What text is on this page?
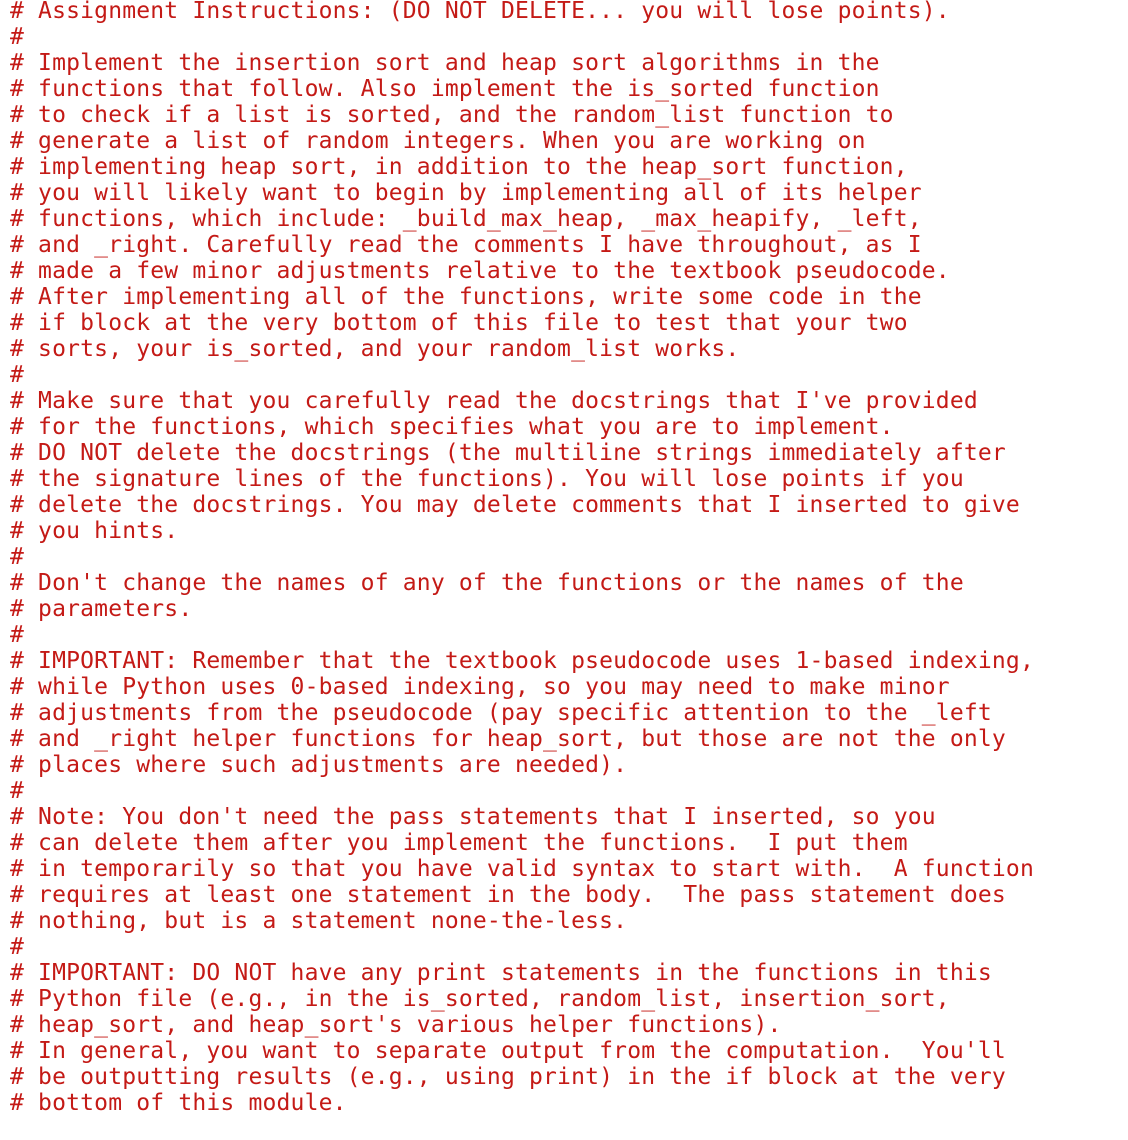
# Assignment Instructions: (DO NOT DELETE... you will lose points).
#
# Implement the insertion sort and heap sort algorithms in the
# functions that follow. Also implement the is_sorted function
# to check if a list is sorted, and the random_list function to
# generate a list of random integers. When you are working on
# implementing heap sort, in addition to the heap_sort function,
# you will likely want to begin by implementing all of its helper
# functions, which include: _build_max_heap, _max_heapify, _left,
# and _right. Carefully read the comments I have throughout, as I
# made a few minor adjustments relative to the textbook pseudocode.
# After implementing all of the functions, write some code in the
# if block at the very bottom of this file to test that your two
# sorts, your is_sorted, and your random_list works.
#
# Make sure that you carefully read the docstrings that I've provided
# for the functions, which specifies what you are to implement.
# DO NOT delete the docstrings (the multiline strings immediately after
# the signature lines of the functions). You will lose points if you
# delete the docstrings. You may delete comments that I inserted to give
# you hints.
#
# Don't change the names of any of the functions or the names of the
# parameters.
#
# IMPORTANT: Remember that the textbook pseudocode uses 1-based indexing,
# while Python uses 0-based indexing, so you may need to make minor
# adjustments from the pseudocode (pay specific attention to the _left
# and _right helper functions for heap_sort, but those are not the only
# places where such adjustments are needed).
#
# Note: You don't need the pass statements that I inserted, so you
# can delete them after you implement the functions.  I put them
# in temporarily so that you have valid syntax to start with.  A function
# requires at least one statement in the body.  The pass statement does
# nothing, but is a statement none-the-less.
#
# IMPORTANT: DO NOT have any print statements in the functions in this
# Python file (e.g., in the is_sorted, random_list, insertion_sort,
# heap_sort, and heap_sort's various helper functions).
# In general, you want to separate output from the computation.  You'll
# be outputting results (e.g., using print) in the if block at the very
# bottom of this module.
